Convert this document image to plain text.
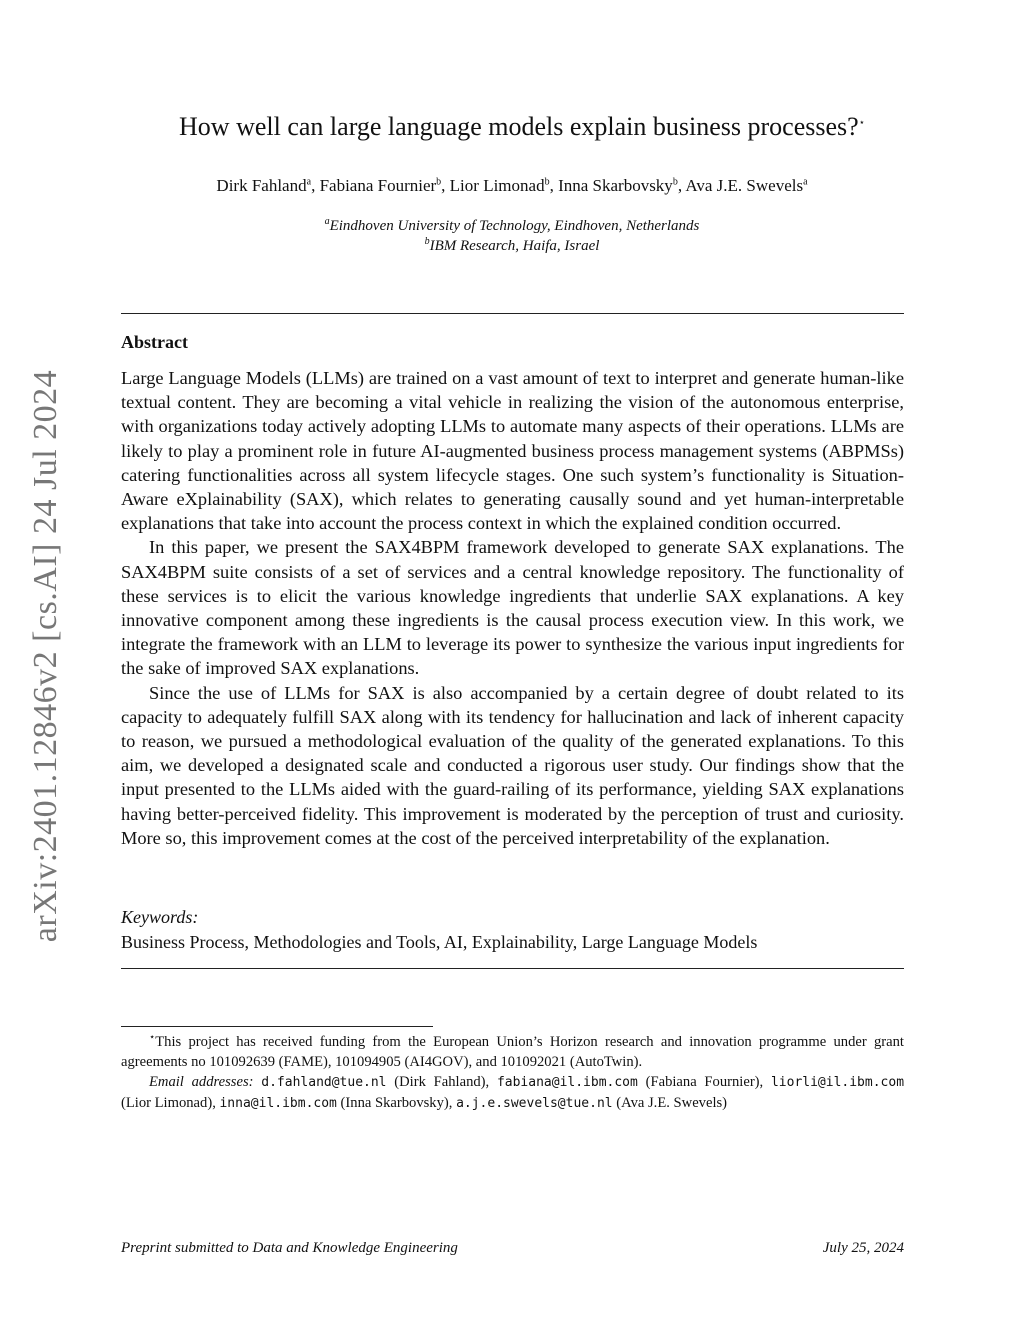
arXiv:2401.12846v2 [cs.AI] 24 Jul 2024
How well can large language models explain business processes?⋆
Dirk Fahland$^a$, Fabiana Fournier$^b$, Lior Limonad$^b$, Inna Skarbovsky$^b$, Ava J.E. Swevels$^a$
$^a$Eindhoven University of Technology, Eindhoven, Netherlands
$^b$IBM Research, Haifa, Israel
Abstract

Large Language Models (LLMs) are trained on a vast amount of text to interpret and generate human-like textual content. They are becoming a vital vehicle in realizing the vision of the autonomous enterprise, with organizations today actively adopting LLMs to automate many aspects of their operations. LLMs are likely to play a prominent role in future AI-augmented business process management systems (ABPMSs) catering functionalities across all system lifecycle stages. One such system’s functionality is Situation-Aware eXplainability (SAX), which relates to generating causally sound and yet human-interpretable explanations that take into account the process context in which the explained condition occurred.

In this paper, we present the SAX4BPM framework developed to generate SAX explanations. The SAX4BPM suite consists of a set of services and a central knowledge repository. The functionality of these services is to elicit the various knowledge ingredients that underlie SAX explanations. A key innovative component among these ingredients is the causal process execution view. In this work, we integrate the framework with an LLM to leverage its power to synthesize the various input ingredients for the sake of improved SAX explanations.

Since the use of LLMs for SAX is also accompanied by a certain degree of doubt related to its capacity to adequately fulfill SAX along with its tendency for hallucination and lack of inherent capacity to reason, we pursued a methodological evaluation of the quality of the generated explanations. To this aim, we developed a designated scale and conducted a rigorous user study. Our findings show that the input presented to the LLMs aided with the guard-railing of its performance, yielding SAX explanations having better-perceived fidelity. This improvement is moderated by the perception of trust and curiosity. More so, this improvement comes at the cost of the perceived interpretability of the explanation.

Keywords:
Business Process, Methodologies and Tools, AI, Explainability, Large Language Models

⋆This project has received funding from the European Union’s Horizon research and innovation programme under grant agreements no 101092639 (FAME), 101094905 (AI4GOV), and 101092021 (AutoTwin).

Email addresses: d.fahland@tue.nl (Dirk Fahland), fabiana@il.ibm.com (Fabiana Fournier), liorli@il.ibm.com (Lior Limonad), inna@il.ibm.com (Inna Skarbovsky), a.j.e.swevels@tue.nl (Ava J.E. Swevels)

Preprint submitted to Data and Knowledge Engineering	July 25, 2024
